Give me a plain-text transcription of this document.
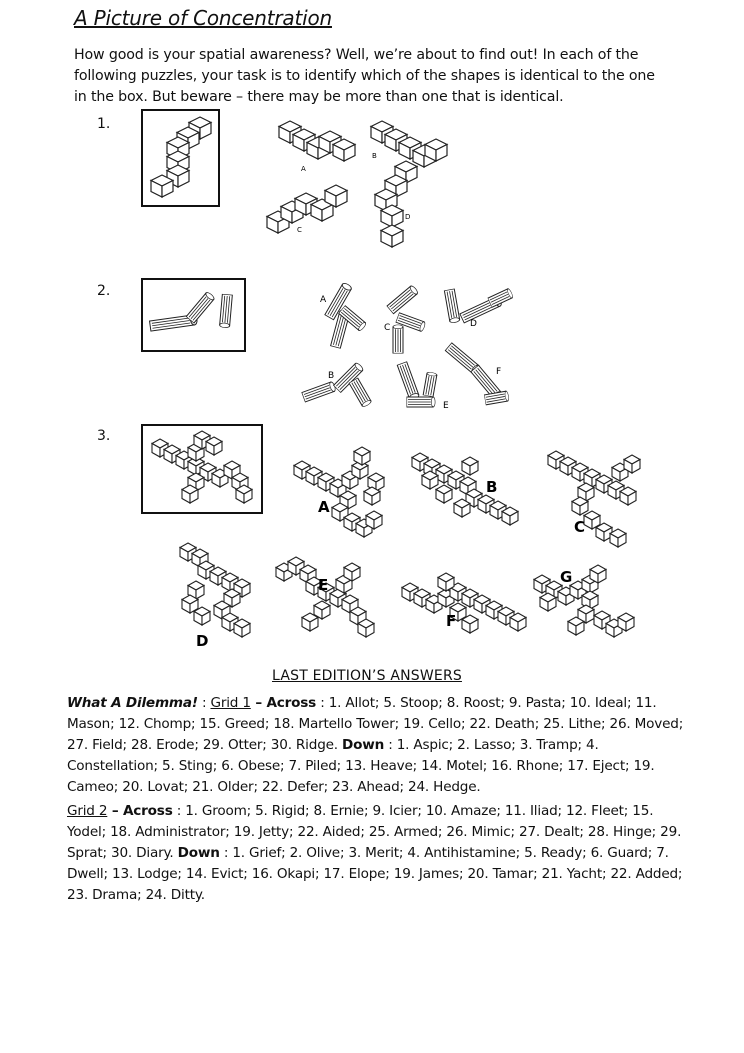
A Picture of Concentration

How good is your spatial awareness? Well, we’re about to find out! In each of the

following puzzles, your task is to identify which of the shapes is identical to the one

in the box. But beware – there may be more than one that is identical.

1.
2.
3.
A
B
C
D
A
C	D
B
E
F
A
B
C
D
E
F
G
LAST EDITION’S ANSWERS

What A Dilemma! : Grid 1 – Across : 1. Allot; 5. Stoop; 8. Roost; 9. Pasta; 10. Ideal; 11. Mason; 12. Chomp; 15. Greed; 18. Martello Tower; 19. Cello; 22. Death; 25. Lithe; 26. Moved; 27. Field; 28. Erode; 29. Otter; 30. Ridge. Down : 1. Aspic; 2. Lasso; 3. Tramp; 4. Constellation; 5. Sting; 6. Obese; 7. Piled; 13. Heave; 14. Motel; 16. Rhone; 17. Eject; 19. Cameo; 20. Lovat; 21. Older; 22. Defer; 23. Ahead; 24. Hedge.

Grid 2 – Across : 1. Groom; 5. Rigid; 8. Ernie; 9. Icier; 10. Amaze; 11. Iliad; 12. Fleet; 15. Yodel; 18. Administrator; 19. Jetty; 22. Aided; 25. Armed; 26. Mimic; 27. Dealt; 28. Hinge; 29. Sprat; 30. Diary. Down : 1. Grief; 2. Olive; 3. Merit; 4. Antihistamine; 5. Ready; 6. Guard; 7. Dwell; 13. Lodge; 14. Evict; 16. Okapi; 17. Elope; 19. James; 20. Tamar; 21. Yacht; 22. Added; 23. Drama; 24. Ditty.
